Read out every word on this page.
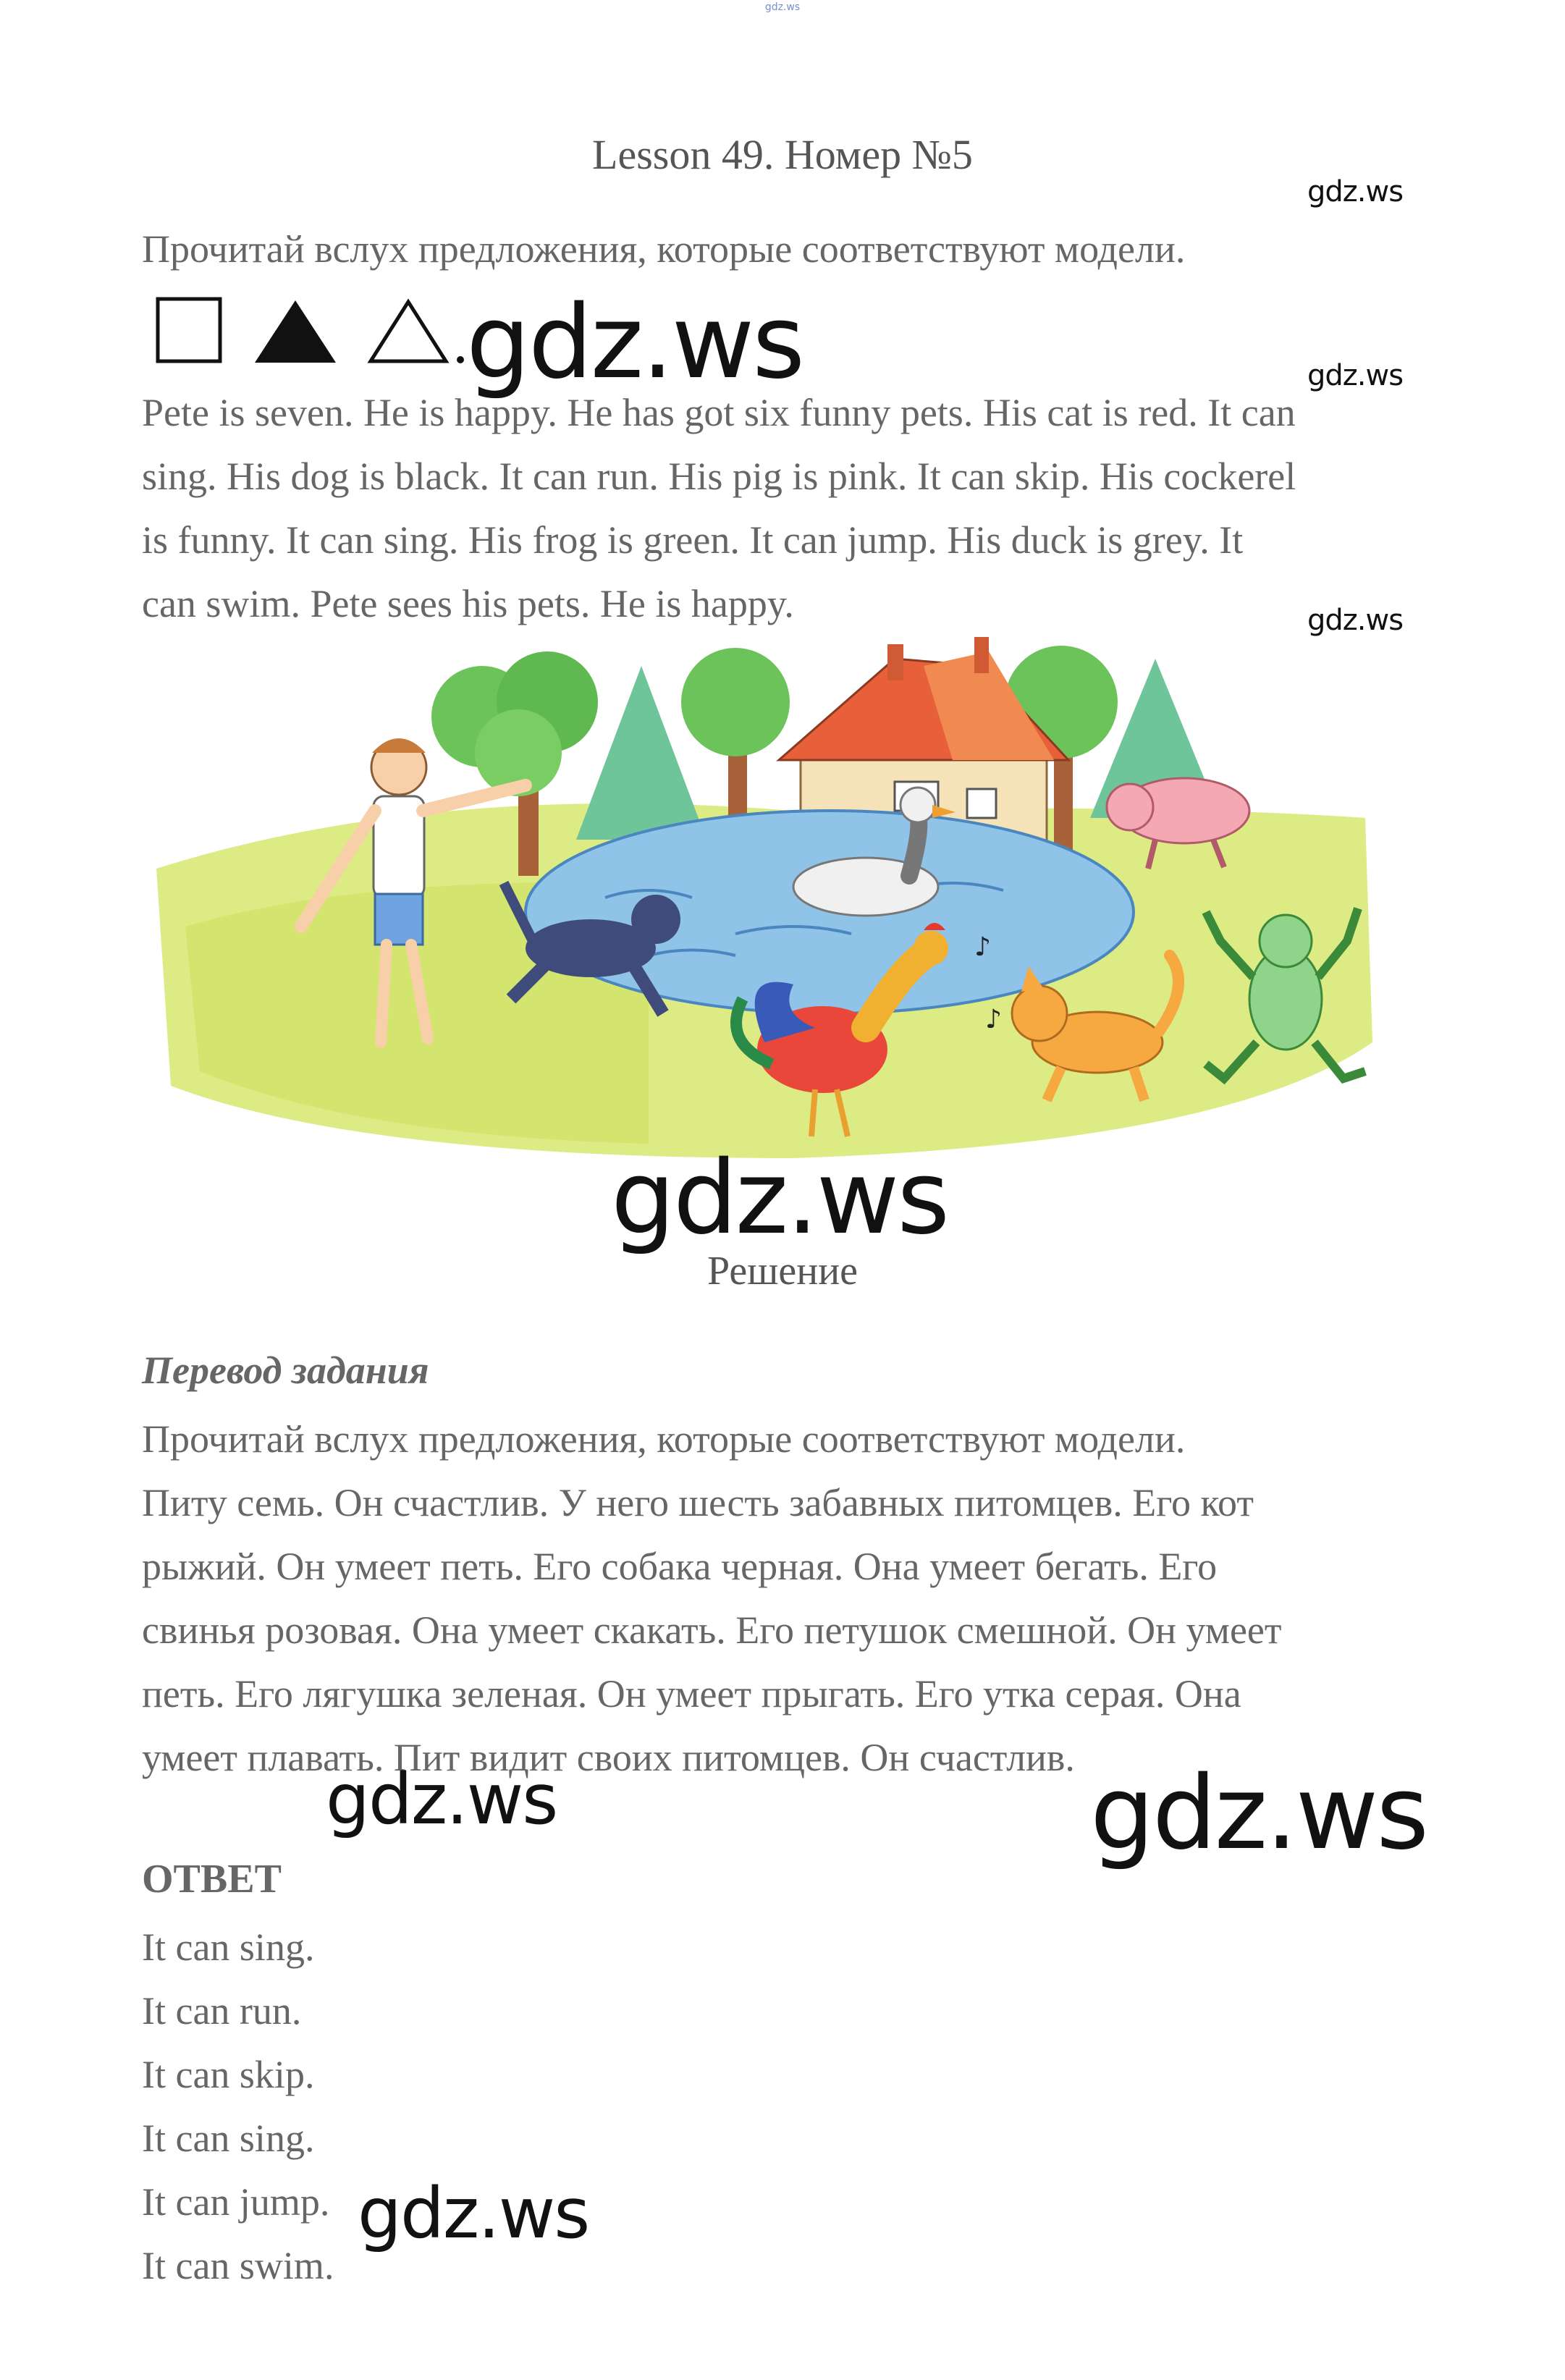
gdz.ws
Lesson 49. Номер №5
gdz.ws

Прочитай вслух предложения, которые соответствуют модели.

gdz.ws	gdz.ws

Pete is seven. He is happy. He has got six funny pets. His cat is red. It can

sing. His dog is black. It can run. His pig is pink. It can skip. His cockerel

is funny. It can sing. His frog is green. It can jump. His duck is grey. It

can swim. Pete sees his pets. He is happy.	gdz.ws
♪
♪
gdz.ws
Решение
Перевод задания

Прочитай вслух предложения, которые соответствуют модели.

Питу семь. Он счастлив. У него шесть забавных питомцев. Его кот

рыжий. Он умеет петь. Его собака черная. Она умеет бегать. Его

свинья розовая. Она умеет скакать. Его петушок смешной. Он умеет

петь. Его лягушка зеленая. Он умеет прыгать. Его утка серая. Она

умеет плавать. Пит видит своих питомцев. Он счастлив.

gdz.ws	gdz.ws
ОТВЕТ
It can sing.
It can run.
It can skip.
It can sing.
It can jump.
It can swim.
gdz.ws
